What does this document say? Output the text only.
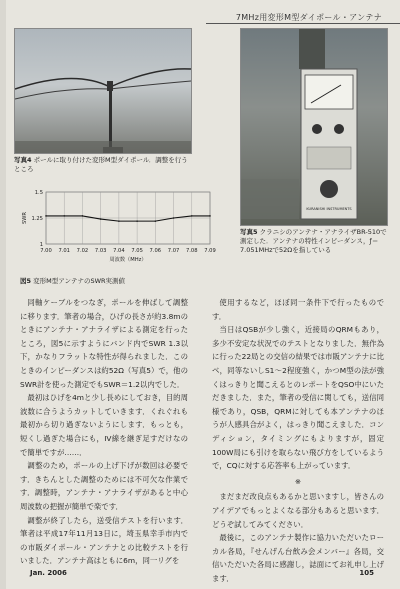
7MHz用変形M型ダイポール・アンテナ
写真4 ポールに取り付けた変形M型ダイポール．調整を行うところ
KURANISHI INSTRUMENTS
写真5 クラニシのアンテナ・アナライザBR-510で測定した．アンテナの特性インピーダンス，ƒ＝7.051MHzで52Ωを指している
7.00 7.01 7.02 7.03 7.04 7.05 7.06 7.07 7.08 7.09
1
1.25
1.5
周波数（MHz）
SWR
図5 変形M型アンテナのSWR実測値

同軸ケーブルをつなぎ，ポールを伸ばして調整に移ります．筆者の場合，ひげの長さが約3.8mのときにアンテナ・アナライザによる測定を行ったところ，図5に示すようにバンド内でSWR 1.3以下，かなりフラットな特性が得られました．このときのインピーダンスは約52Ω（写真5）で，他のSWR計を使った測定でもSWR＝1.2以内でした．

最初はひげを4mと少し長めにしておき，目的周波数に合うようカットしていきます．くれぐれも最初から切り過ぎないようにします．もっとも，短くし過ぎた場合にも，IV線を継ぎ足すだけなので簡単ですが……．

調整のため，ポールの上げ下げが数回は必要です．きちんとした調整のためには不可欠な作業です．調整時，アンテナ・アナライザがあると中心周波数の把握が簡単で楽です．

調整が終了したら，送受信テストを行います．筆者は平成17年11月13日に，埼玉県幸手市内での市販ダイポール・アンテナとの比較テストを行いました．アンテナ高はともに6m，同一リグを

使用するなど，ほぼ同一条件下で行ったものです．

当日はQSBが少し強く，近接局のQRMもあり，多少不安定な状況でのテストとなりました．無作為に行った22局との交信の結果では市販アンテナに比べ，同等ないしS1～2程度強く，かつM型の法が強くはっきりと聞こえるとのレポートをQSO中にいただきました．また，筆者の受信に関しても，送信同様であり，QSB，QRMに対しても本アンテナのほうが人感具合がよく，はっきり聞こえました．コンディション，タイミングにもよりますが，固定100W局にも引けを取らない飛び方をしているようで，CQに対する応答率も上がっています．

※

まだまだ改良点もあるかと思いますし，皆さんのアイデアでもっとよくなる部分もあると思います．どうぞ試してみてください．

最後に，このアンテナ製作に協力いただいたローカル各局，『せんげん台飲み会メンバー』各局，交信いただいた各局に感謝し，誌面にてお礼申し上げます．

Jan. 2006	105
